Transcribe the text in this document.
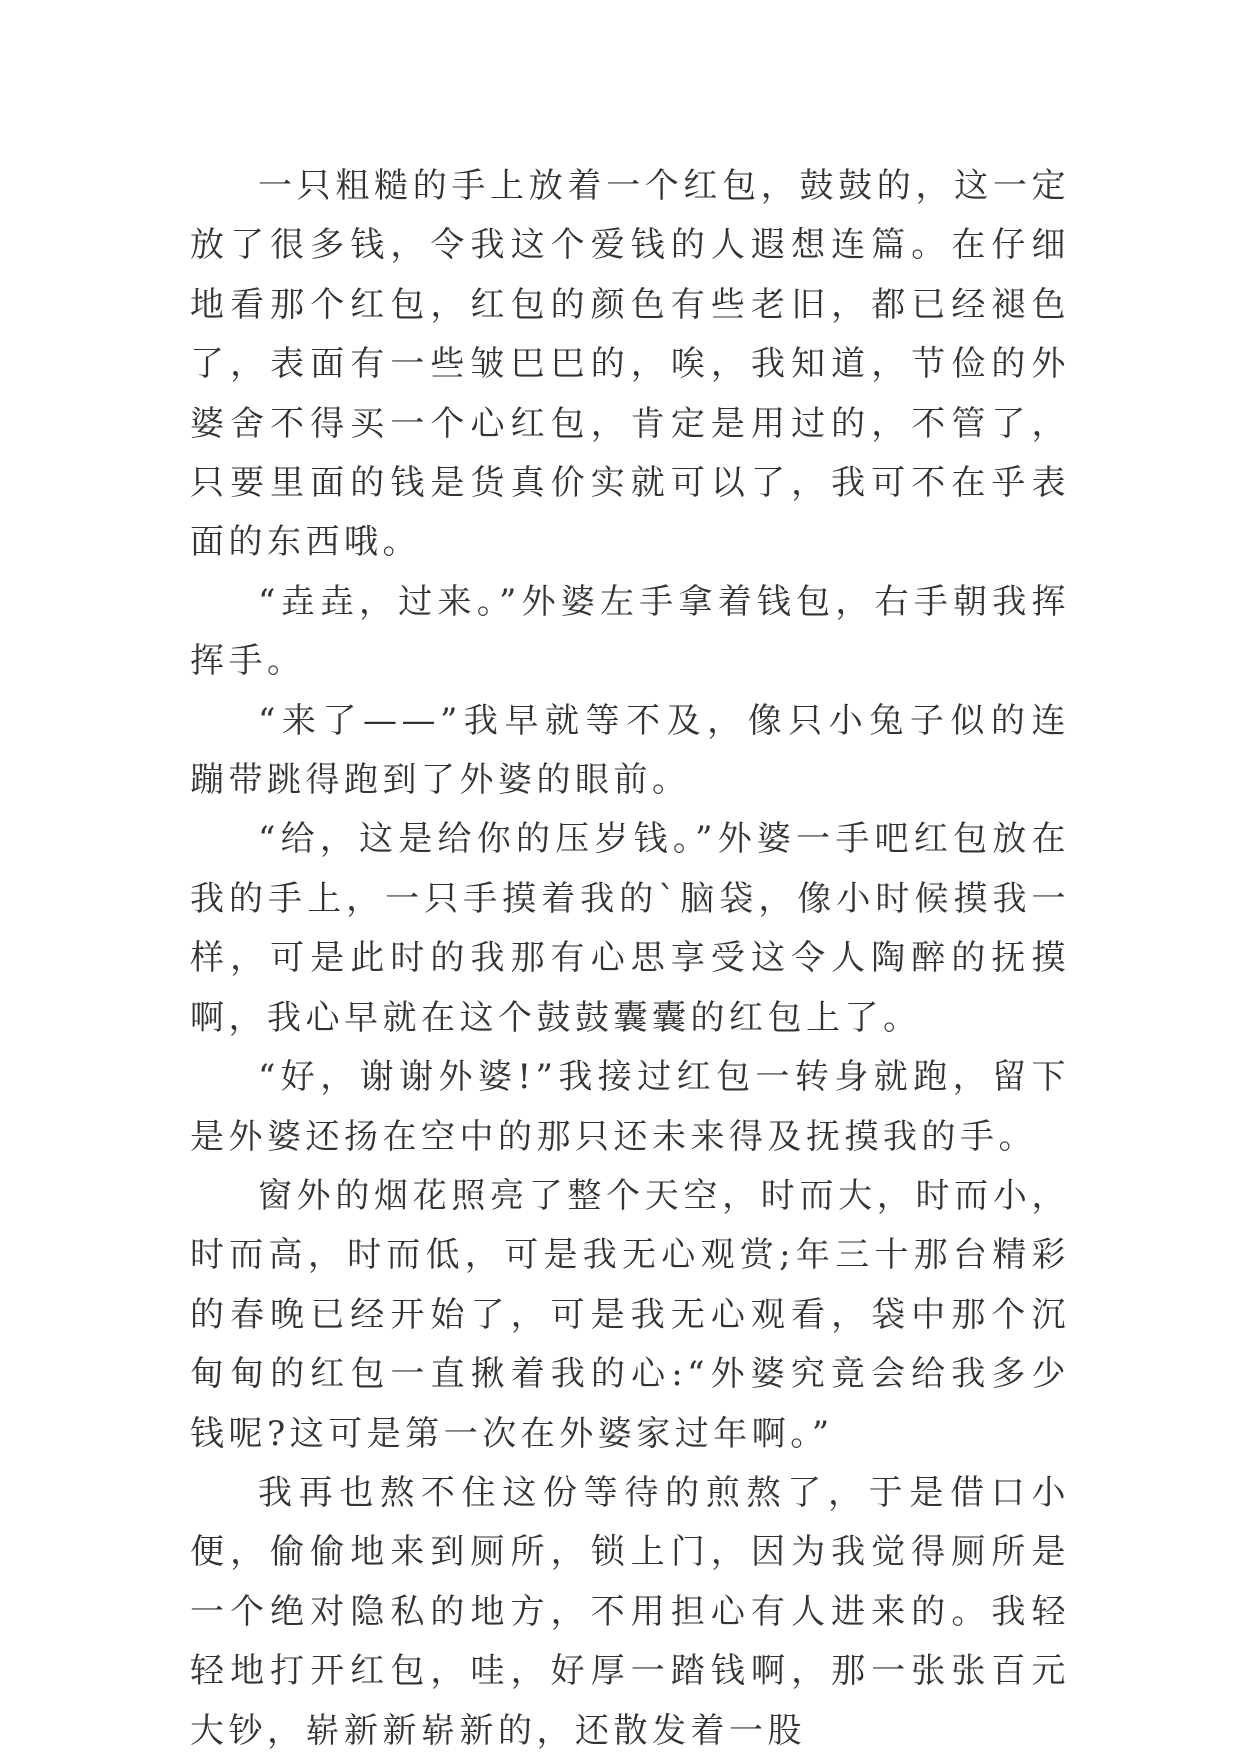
一只粗糙的手上放着一个红包，鼓鼓的，这一定放了很多钱，令我这个爱钱的人遐想连篇。在仔细地看那个红包，红包的颜色有些老旧，都已经褪色了，表面有一些皱巴巴的，唉，我知道，节俭的外婆舍不得买一个心红包，肯定是用过的，不管了，只要里面的钱是货真价实就可以了，我可不在乎表面的东西哦。

“垚垚，过来。”外婆左手拿着钱包，右手朝我挥挥手。

“来了——”我早就等不及，像只小兔子似的连蹦带跳得跑到了外婆的眼前。

“给，这是给你的压岁钱。”外婆一手吧红包放在我的手上，一只手摸着我的`脑袋，像小时候摸我一样，可是此时的我那有心思享受这令人陶醉的抚摸啊，我心早就在这个鼓鼓囊囊的红包上了。

“好，谢谢外婆!”我接过红包一转身就跑，留下是外婆还扬在空中的那只还未来得及抚摸我的手。

窗外的烟花照亮了整个天空，时而大，时而小，时而高，时而低，可是我无心观赏;年三十那台精彩的春晚已经开始了，可是我无心观看，袋中那个沉甸甸的红包一直揪着我的心:“外婆究竟会给我多少钱呢?这可是第一次在外婆家过年啊。”

我再也熬不住这份等待的煎熬了，于是借口小便，偷偷地来到厕所，锁上门，因为我觉得厕所是一个绝对隐私的地方，不用担心有人进来的。我轻轻地打开红包，哇，好厚一踏钱啊，那一张张百元大钞，崭新新崭新的，还散发着一股
